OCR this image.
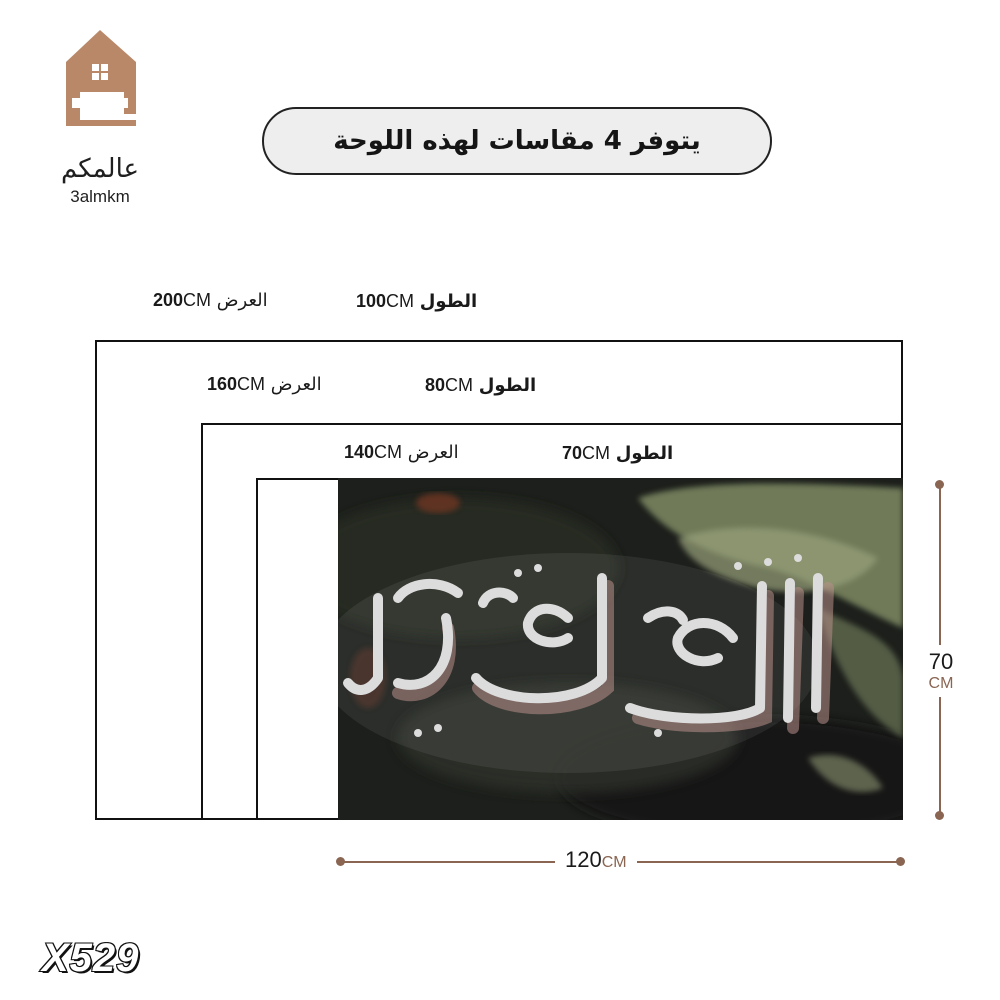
عالمكم
3almkm
يتوفر 4 مقاسات لهذه اللوحة
200CM العرض	100CM الطول
160CM العرض	80CM الطول
140CM العرض	70CM الطول
إن الله مع الصابرين
120CM
70
CM
X529
